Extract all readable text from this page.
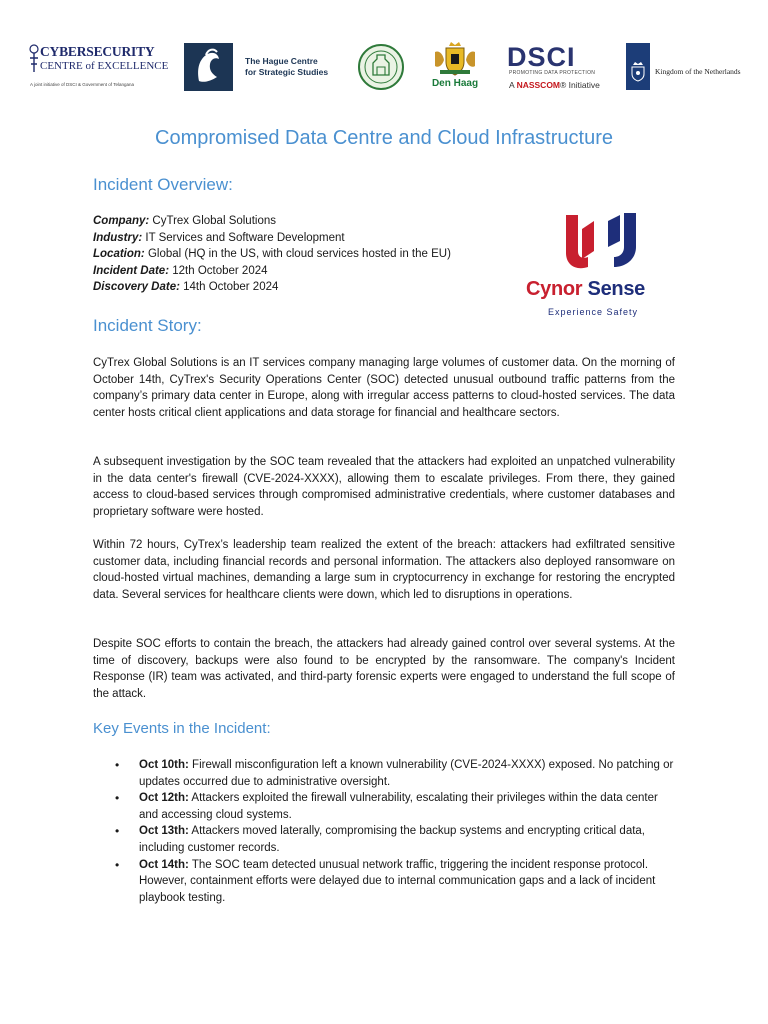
CYBERSECURITY
CENTRE of EXCELLENCE
A joint initiative of DSCI & Government of Telangana
The Hague Centre
for Strategic Studies
Den Haag
DSCI
PROMOTING DATA PROTECTION
A NASSCOM® Initiative
Kingdom of the Netherlands
Compromised Data Centre and Cloud Infrastructure
Incident Overview:
Company: CyTrex Global Solutions
Industry: IT Services and Software Development
Location: Global (HQ in the US, with cloud services hosted in the EU)
Incident Date: 12th October 2024
Discovery Date: 14th October 2024	Cynor Sense
Experience Safety
Incident Story:

CyTrex Global Solutions is an IT services company managing large volumes of customer data. On the morning of October 14th, CyTrex's Security Operations Center (SOC) detected unusual outbound traffic patterns from the company’s primary data center in Europe, along with irregular access patterns to cloud-hosted services. The data center hosts critical client applications and data storage for financial and healthcare sectors.

A subsequent investigation by the SOC team revealed that the attackers had exploited an unpatched vulnerability in the data center's firewall (CVE-2024-XXXX), allowing them to escalate privileges. From there, they gained access to cloud-based services through compromised administrative credentials, where customer databases and proprietary software were hosted.

Within 72 hours, CyTrex’s leadership team realized the extent of the breach: attackers had exfiltrated sensitive customer data, including financial records and personal information. The attackers also deployed ransomware on cloud-hosted virtual machines, demanding a large sum in cryptocurrency in exchange for restoring the encrypted data. Several services for healthcare clients were down, which led to disruptions in operations.

Despite SOC efforts to contain the breach, the attackers had already gained control over several systems. At the time of discovery, backups were also found to be encrypted by the ransomware. The company's Incident Response (IR) team was activated, and third-party forensic experts were engaged to understand the full scope of the attack.

Key Events in the Incident:
• Oct 10th: Firewall misconfiguration left a known vulnerability (CVE-2024-XXXX) exposed. No patching or updates occurred due to administrative oversight.
• Oct 12th: Attackers exploited the firewall vulnerability, escalating their privileges within the data center and accessing cloud systems.
• Oct 13th: Attackers moved laterally, compromising the backup systems and encrypting critical data, including customer records.
• Oct 14th: The SOC team detected unusual network traffic, triggering the incident response protocol. However, containment efforts were delayed due to internal communication gaps and a lack of incident playbook testing.
